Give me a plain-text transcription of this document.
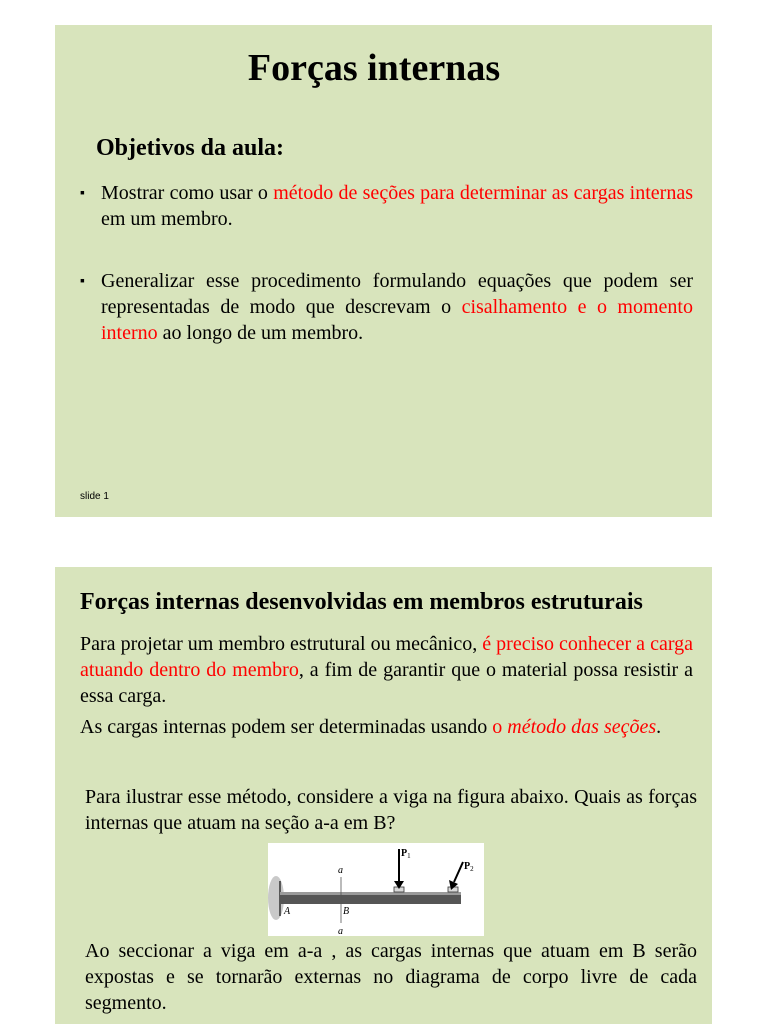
Forças internas
Objetivos da aula:
▪ Mostrar como usar o método de seções para determinar as cargas internas em um membro.
▪ Generalizar esse procedimento formulando equações que podem ser representadas de modo que descrevam o cisalhamento e o momento interno ao longo de um membro.
slide 1
Forças internas desenvolvidas em membros estruturais
Para projetar um membro estrutural ou mecânico, é preciso conhecer a carga atuando dentro do membro, a fim de garantir que o material possa resistir a essa carga.
As cargas internas podem ser determinadas usando o método das seções.
Para ilustrar esse método, considere a viga na figura abaixo. Quais as forças internas que atuam na seção a-a em B?
a
a
A	B
$P_1$
$P_2$
Ao seccionar a viga em a-a , as cargas internas que atuam em B serão expostas e se tornarão externas no diagrama de corpo livre de cada segmento.
